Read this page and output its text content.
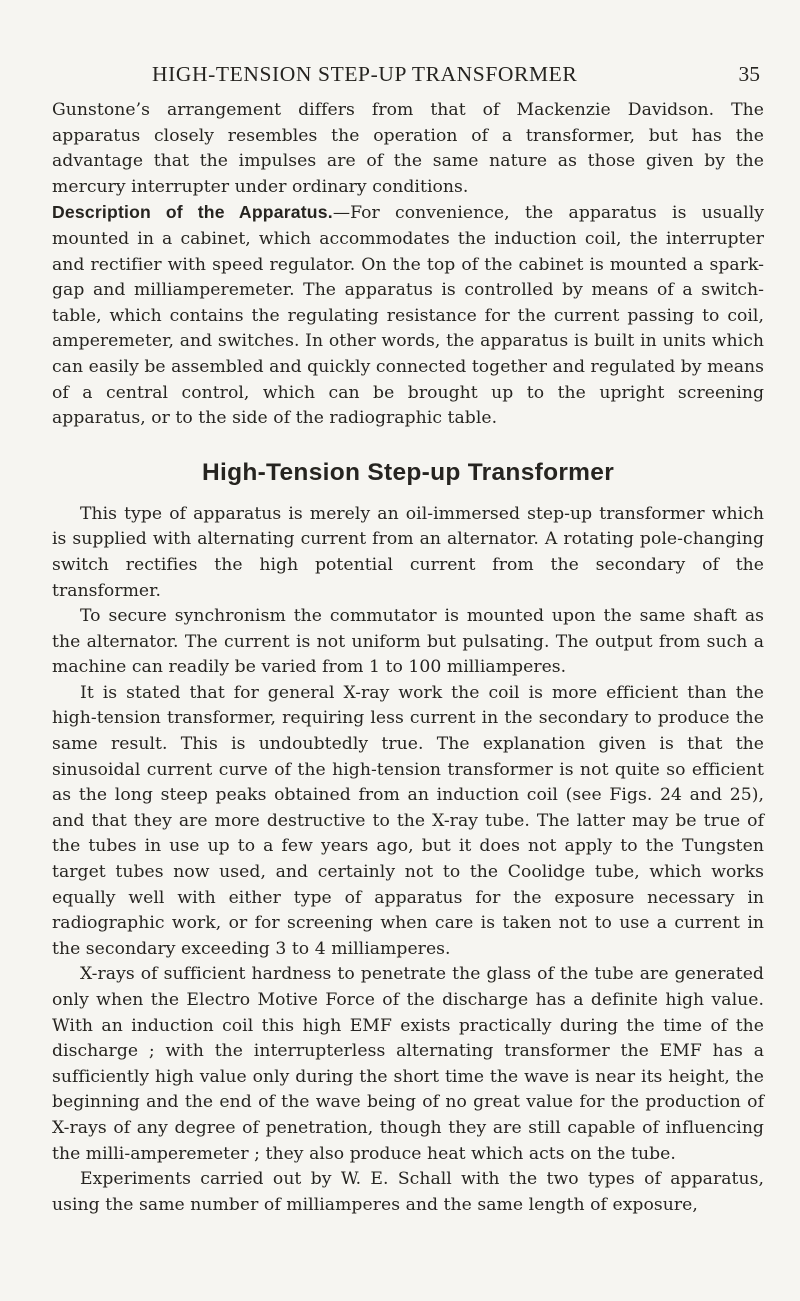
HIGH-TENSION STEP-UP TRANSFORMER	35

Gunstone’s arrangement differs from that of Mackenzie Davidson. The apparatus closely resembles the operation of a transformer, but has the advantage that the impulses are of the same nature as those given by the mercury interrupter under ordinary conditions.

Description of the Apparatus.—For convenience, the apparatus is usually mounted in a cabinet, which accommodates the induction coil, the interrupter and rectifier with speed regulator. On the top of the cabinet is mounted a spark-gap and milliamperemeter. The apparatus is controlled by means of a switch-table, which contains the regulating resistance for the current passing to coil, amperemeter, and switches. In other words, the apparatus is built in units which can easily be assembled and quickly connected together and regulated by means of a central control, which can be brought up to the upright screening apparatus, or to the side of the radiographic table.

High-Tension Step-up Transformer

This type of apparatus is merely an oil-immersed step-up transformer which is supplied with alternating current from an alternator. A rotating pole-changing switch rectifies the high potential current from the secondary of the transformer.

To secure synchronism the commutator is mounted upon the same shaft as the alternator. The current is not uniform but pulsating. The output from such a machine can readily be varied from 1 to 100 milliamperes.

It is stated that for general X-ray work the coil is more efficient than the high-tension transformer, requiring less current in the secondary to produce the same result. This is undoubtedly true. The explanation given is that the sinusoidal current curve of the high-tension transformer is not quite so efficient as the long steep peaks obtained from an induction coil (see Figs. 24 and 25), and that they are more destructive to the X-ray tube. The latter may be true of the tubes in use up to a few years ago, but it does not apply to the Tungsten target tubes now used, and certainly not to the Coolidge tube, which works equally well with either type of apparatus for the exposure necessary in radiographic work, or for screening when care is taken not to use a current in the secondary exceeding 3 to 4 milliamperes.

X-rays of sufficient hardness to penetrate the glass of the tube are generated only when the Electro Motive Force of the discharge has a definite high value. With an induction coil this high EMF exists practically during the time of the discharge ; with the interrupterless alternating transformer the EMF has a sufficiently high value only during the short time the wave is near its height, the beginning and the end of the wave being of no great value for the production of X-rays of any degree of penetration, though they are still capable of influencing the milli-amperemeter ; they also produce heat which acts on the tube.

Experiments carried out by W. E. Schall with the two types of apparatus, using the same number of milliamperes and the same length of exposure,
